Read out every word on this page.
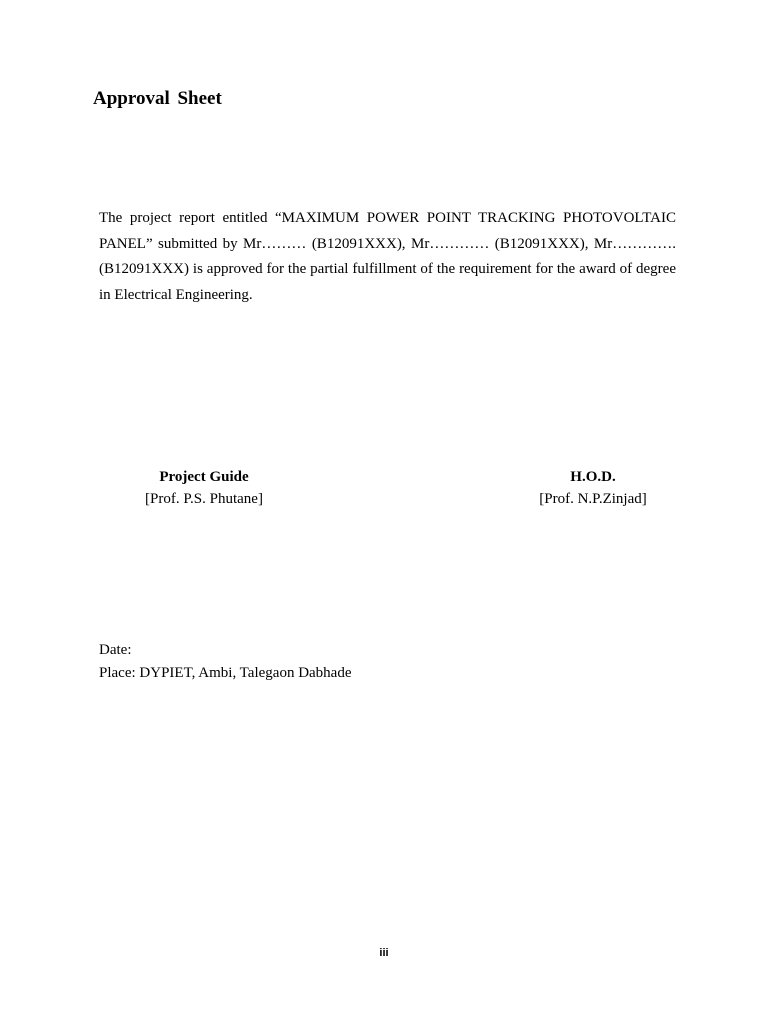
Approval Sheet
The project report entitled “MAXIMUM POWER POINT TRACKING PHOTOVOLTAIC PANEL” submitted by Mr……… (B12091XXX), Mr………… (B12091XXX), Mr…………. (B12091XXX) is approved for the partial fulfillment of the requirement for the award of degree in Electrical Engineering.
Project Guide
[Prof. P.S. Phutane]
H.O.D.
[Prof. N.P.Zinjad]
Date:
Place: DYPIET, Ambi, Talegaon Dabhade
iii
